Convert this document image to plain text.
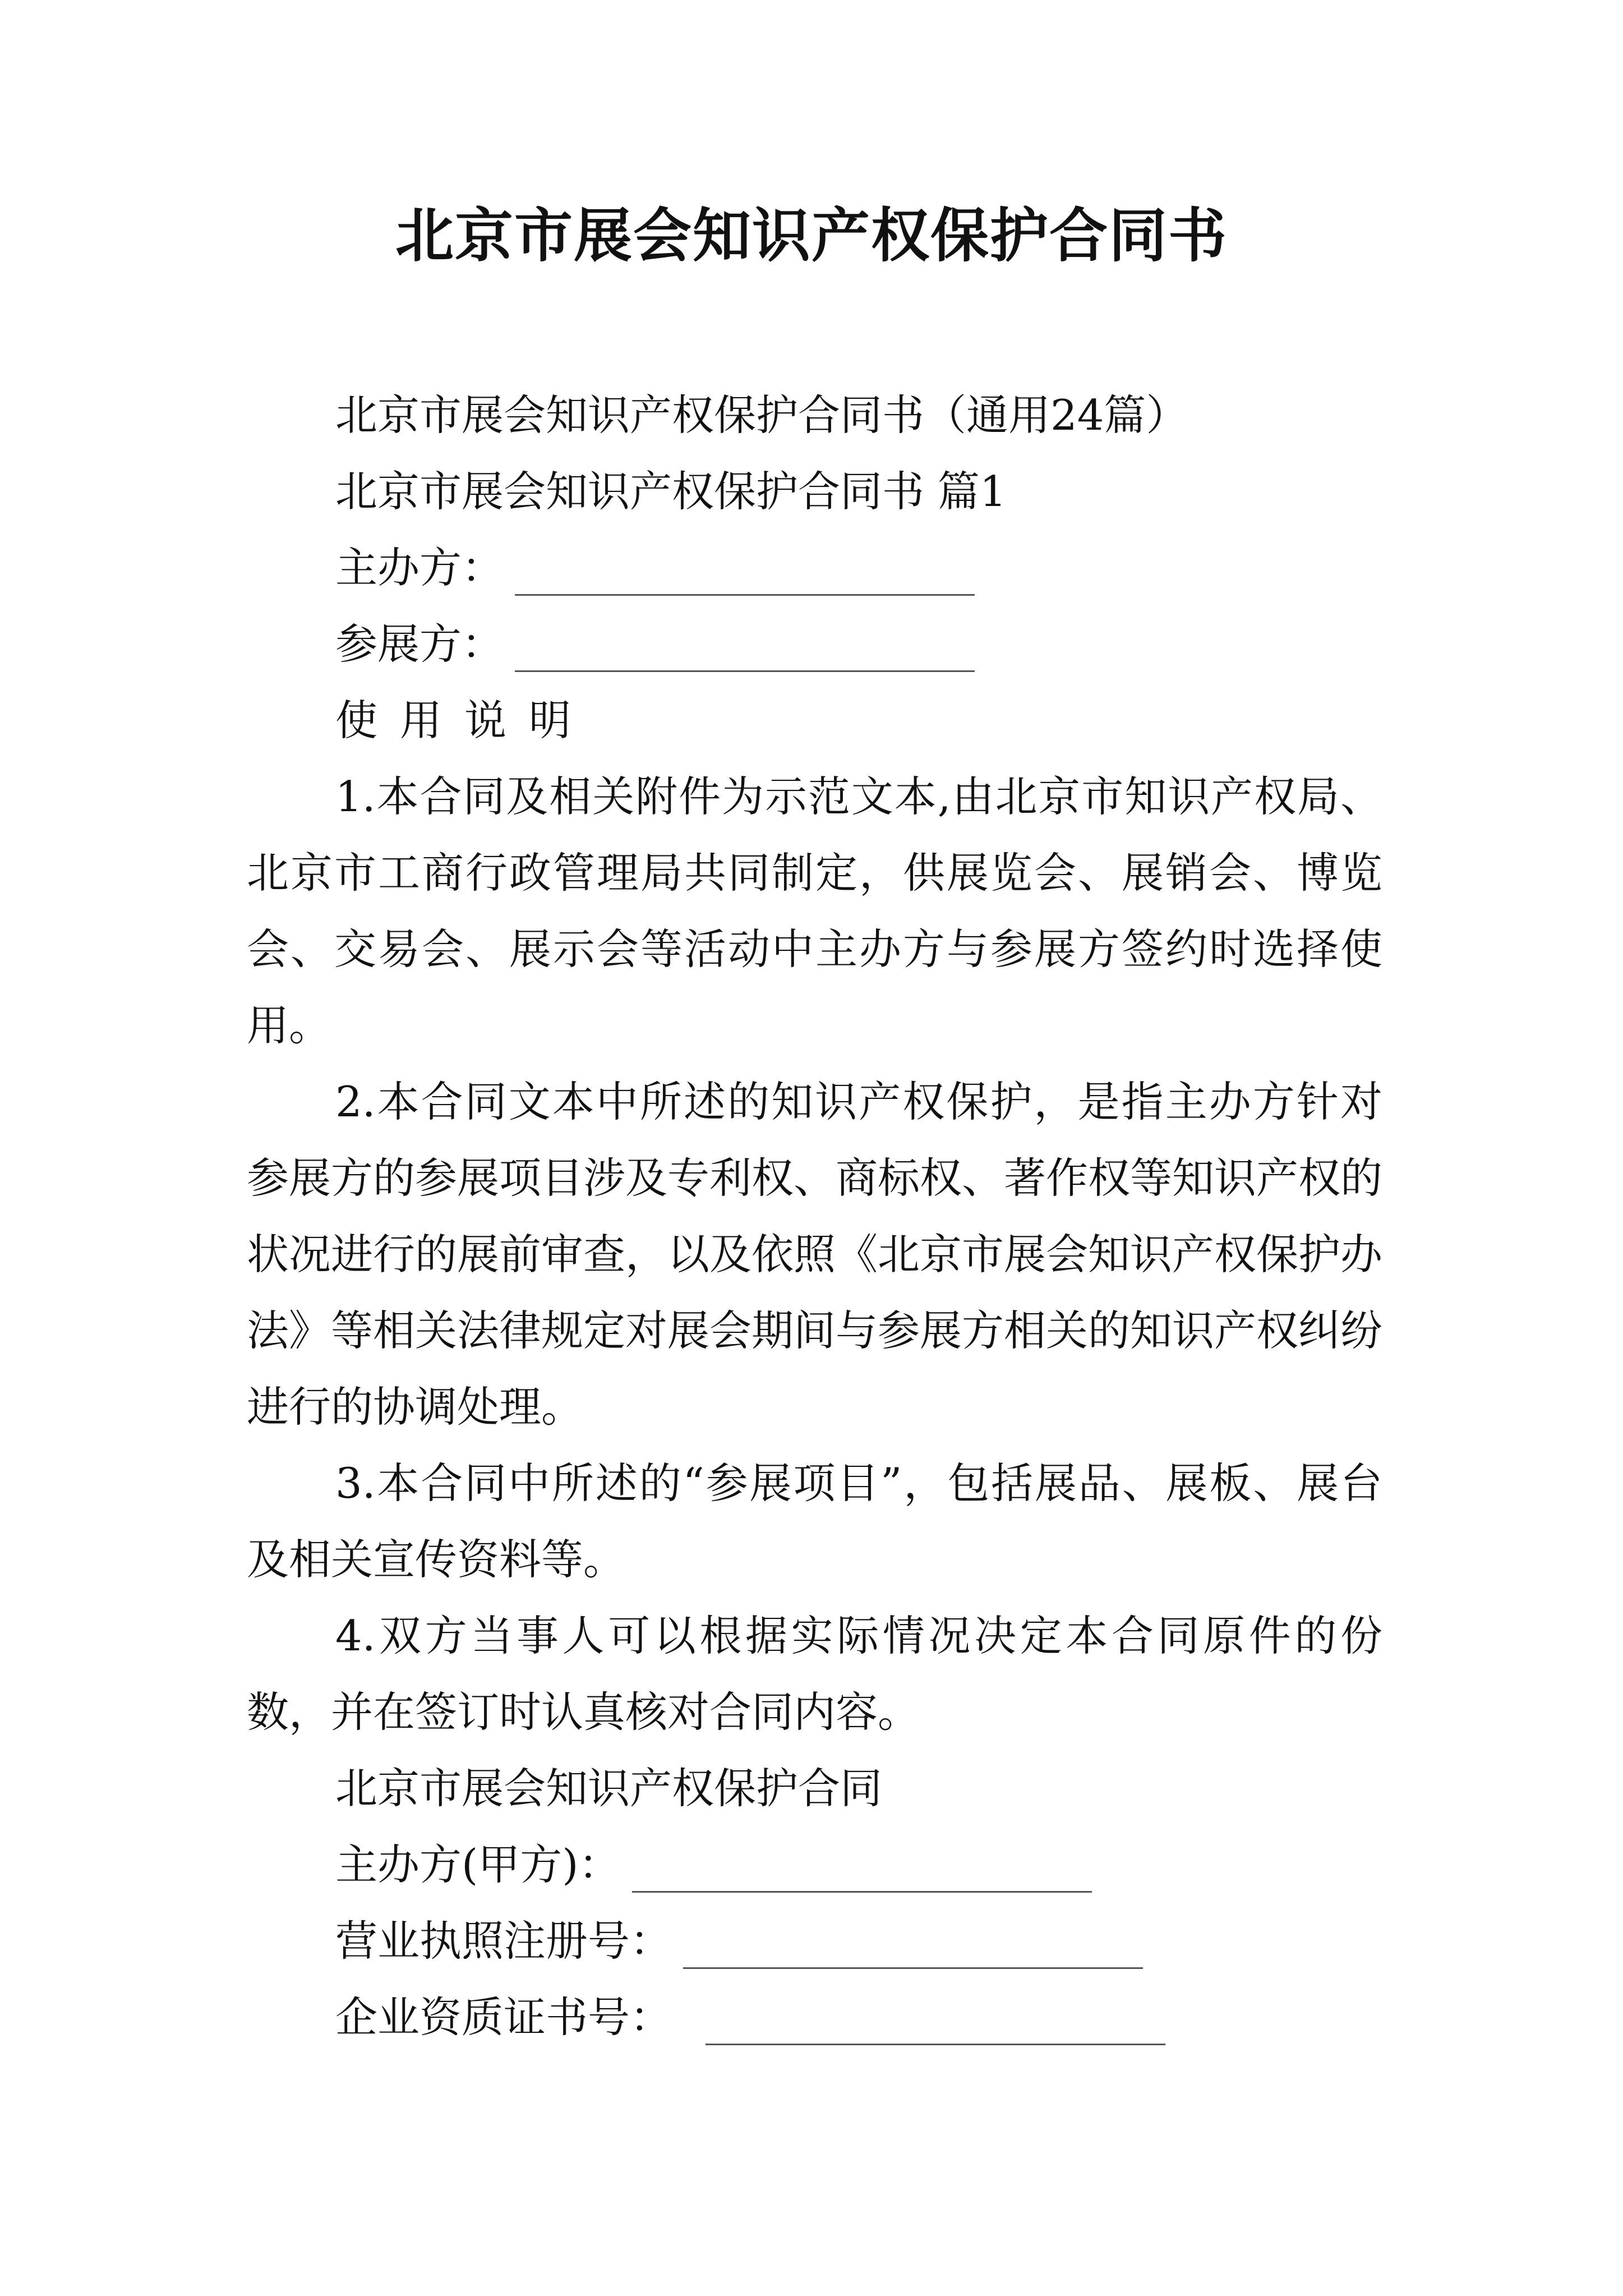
北京市展会知识产权保护合同书
北京市展会知识产权保护合同书（通用24篇）
北京市展会知识产权保护合同书 篇1
主办方：
参展方：
使用说明
1.本合同及相关附件为示范文本,由北京市知识产权局、北京市工商行政管理局共同制定，供展览会、展销会、博览会、交易会、展示会等活动中主办方与参展方签约时选择使用。
2.本合同文本中所述的知识产权保护，是指主办方针对参展方的参展项目涉及专利权、商标权、著作权等知识产权的状况进行的展前审查，以及依照《北京市展会知识产权保护办法》等相关法律规定对展会期间与参展方相关的知识产权纠纷进行的协调处理。
3.本合同中所述的“参展项目”，包括展品、展板、展台及相关宣传资料等。
4.双方当事人可以根据实际情况决定本合同原件的份数，并在签订时认真核对合同内容。
北京市展会知识产权保护合同
主办方(甲方)：
营业执照注册号：
企业资质证书号：
